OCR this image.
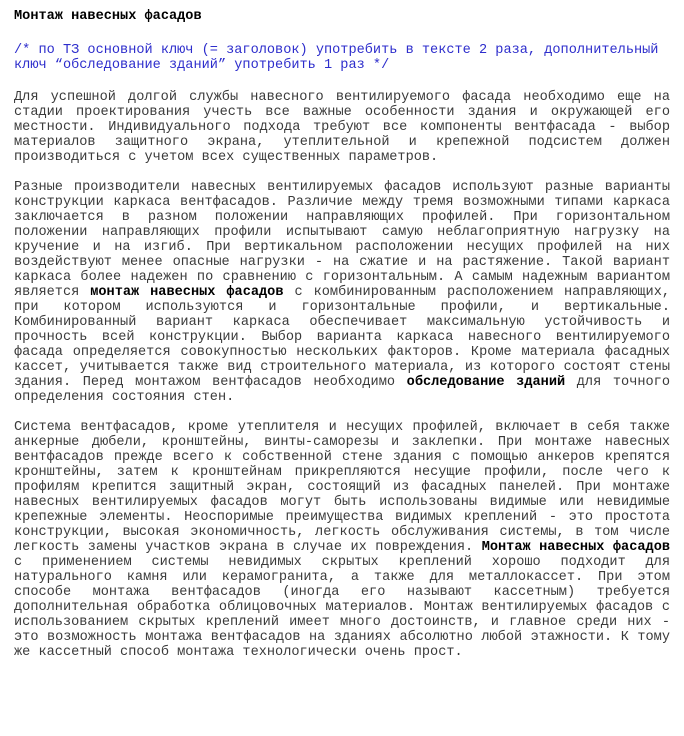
Монтаж навесных фасадов

/* по ТЗ основной ключ (= заголовок) употребить в тексте 2 раза, дополнительный ключ “обследование зданий” употребить 1 раз */

Для успешной долгой службы навесного вентилируемого фасада необходимо еще на стадии проектирования учесть все важные особенности здания и окружающей его местности. Индивидуального подхода требуют все компоненты вентфасада - выбор материалов защитного экрана, утеплительной и крепежной подсистем должен производиться с учетом всех существенных параметров.

Разные производители навесных вентилируемых фасадов используют разные варианты конструкции каркаса вентфасадов. Различие между тремя возможными типами каркаса заключается в разном положении направляющих профилей. При горизонтальном положении направляющих профили испытывают самую неблагоприятную нагрузку на кручение и на изгиб. При вертикальном расположении несущих профилей на них воздействуют менее опасные нагрузки - на сжатие и на растяжение. Такой вариант каркаса более надежен по сравнению с горизонтальным. А самым надежным вариантом является монтаж навесных фасадов с комбинированным расположением направляющих, при котором используются и горизонтальные профили, и вертикальные. Комбинированный вариант каркаса обеспечивает максимальную устойчивость и прочность всей конструкции. Выбор варианта каркаса навесного вентилируемого фасада определяется совокупностью нескольких факторов. Кроме материала фасадных кассет, учитывается также вид строительного материала, из которого состоят стены здания. Перед монтажом вентфасадов необходимо обследование зданий для точного определения состояния стен.

Система вентфасадов, кроме утеплителя и несущих профилей, включает в себя также анкерные дюбели, кронштейны, винты-саморезы и заклепки. При монтаже навесных вентфасадов прежде всего к собственной стене здания с помощью анкеров крепятся кронштейны, затем к кронштейнам прикрепляются несущие профили, после чего к профилям крепится защитный экран, состоящий из фасадных панелей. При монтаже навесных вентилируемых фасадов могут быть использованы видимые или невидимые крепежные элементы. Неоспоримые преимущества видимых креплений - это простота конструкции, высокая экономичность, легкость обслуживания системы, в том числе легкость замены участков экрана в случае их повреждения. Монтаж навесных фасадов с применением системы невидимых скрытых креплений хорошо подходит для натурального камня или керамогранита, а также для металлокассет. При этом способе монтажа вентфасадов (иногда его называют кассетным) требуется дополнительная обработка облицовочных материалов. Монтаж вентилируемых фасадов с использованием скрытых креплений имеет много достоинств, и главное среди них - это возможность монтажа вентфасадов на зданиях абсолютно любой этажности. К тому же кассетный способ монтажа технологически очень прост.
